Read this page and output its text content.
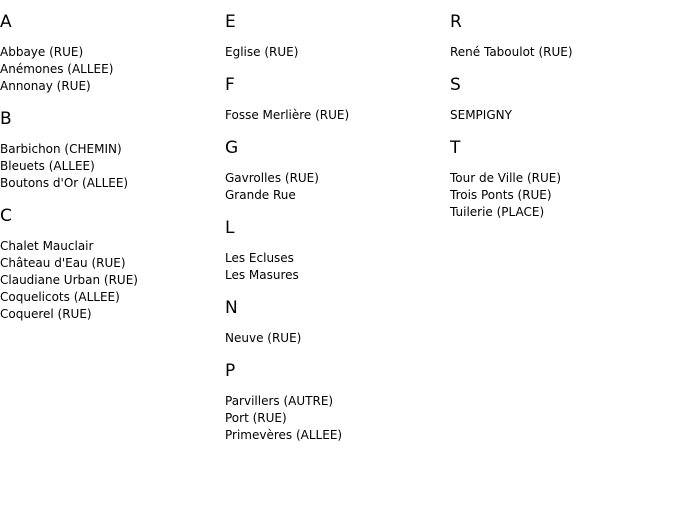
A
Abbaye (RUE)
Anémones (ALLEE)
Annonay (RUE)
B
Barbichon (CHEMIN)
Bleuets (ALLEE)
Boutons d'Or (ALLEE)
C
Chalet Mauclair
Château d'Eau (RUE)
Claudiane Urban (RUE)
Coquelicots (ALLEE)
Coquerel (RUE)
E
Eglise (RUE)
F
Fosse Merlière (RUE)
G
Gavrolles (RUE)
Grande Rue
L
Les Ecluses
Les Masures
N
Neuve (RUE)
P
Parvillers (AUTRE)
Port (RUE)
Primevères (ALLEE)
R
René Taboulot (RUE)
S
SEMPIGNY
T
Tour de Ville (RUE)
Trois Ponts (RUE)
Tuilerie (PLACE)
